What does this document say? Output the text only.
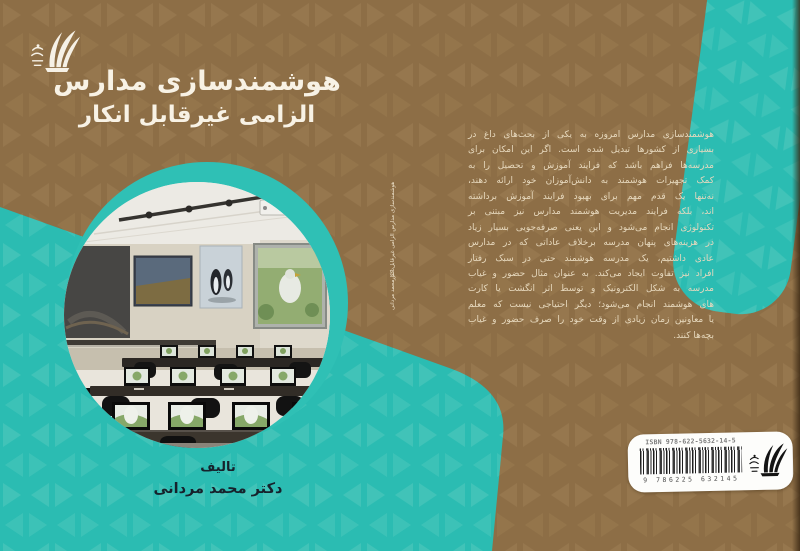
هوشمندسازی مدارس
الزامی غیرقابل انکار
تالیف
دکتر محمد مردانی
هوشمندسازی مدارس الزامی غیرقابل انکار
دکتر محمد مردانی
هوشمندسازی مدارس امروزه به یکی از بحث‌های داغ در
بسیاری از کشورها تبدیل شده است. اگر این امکان برای
مدرسه‌ها فراهم باشد که فرایند آموزش و تحصیل را به
کمک تجهیزات هوشمند به دانش‌آموزان خود ارائه دهند،
نه‌تنها یک قدم مهم برای بهبود فرایند آموزش برداشته
اند، بلکه فرایند مدیریت هوشمند مدارس نیز مبتنی بر
تکنولوژی انجام می‌شود و این یعنی صرفه‌جویی بسیار زیاد
در هزینه‌های پنهان مدرسه برخلاف عاداتی که در مدارس
عادی داشتیم، یک مدرسه هوشمند حتی در سبک رفتار
افراد نیز تفاوت ایجاد می‌کند. به عنوان مثال حضور و غیاب
مدرسه به شکل الکترونیک و توسط اثر انگشت یا کارت
های هوشمند انجام می‌شود؛ دیگر احتیاجی نیست که معلم
یا معاونین زمان زیادی از وقت خود را صرف حضور و غیاب
بچه‌ها کنند.
ISBN 978-622-5632-14-5
9 786225 632145
